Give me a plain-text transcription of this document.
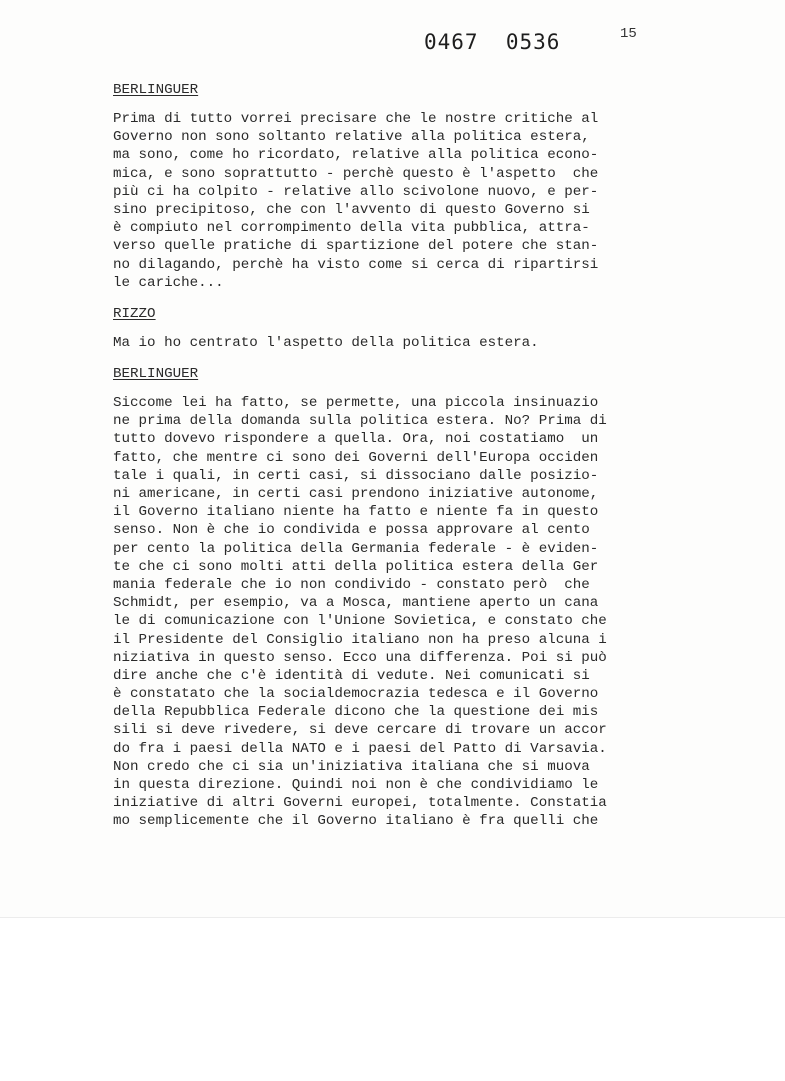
0467  0536	15
BERLINGUER
Prima di tutto vorrei precisare che le nostre critiche al
Governo non sono soltanto relative alla politica estera,
ma sono, come ho ricordato, relative alla politica econo-
mica, e sono soprattutto - perchè questo è l'aspetto  che
più ci ha colpito - relative allo scivolone nuovo, e per-
sino precipitoso, che con l'avvento di questo Governo si
è compiuto nel corrompimento della vita pubblica, attra-
verso quelle pratiche di spartizione del potere che stan-
no dilagando, perchè ha visto come si cerca di ripartirsi
le cariche...
RIZZO
Ma io ho centrato l'aspetto della politica estera.
BERLINGUER
Siccome lei ha fatto, se permette, una piccola insinuazio
ne prima della domanda sulla politica estera. No? Prima di
tutto dovevo rispondere a quella. Ora, noi costatiamo  un
fatto, che mentre ci sono dei Governi dell'Europa occiden
tale i quali, in certi casi, si dissociano dalle posizio-
ni americane, in certi casi prendono iniziative autonome,
il Governo italiano niente ha fatto e niente fa in questo
senso. Non è che io condivida e possa approvare al cento
per cento la politica della Germania federale - è eviden-
te che ci sono molti atti della politica estera della Ger
mania federale che io non condivido - constato però  che
Schmidt, per esempio, va a Mosca, mantiene aperto un cana
le di comunicazione con l'Unione Sovietica, e constato che
il Presidente del Consiglio italiano non ha preso alcuna i
niziativa in questo senso. Ecco una differenza. Poi si può
dire anche che c'è identità di vedute. Nei comunicati si
è constatato che la socialdemocrazia tedesca e il Governo
della Repubblica Federale dicono che la questione dei mis
sili si deve rivedere, si deve cercare di trovare un accor
do fra i paesi della NATO e i paesi del Patto di Varsavia.
Non credo che ci sia un'iniziativa italiana che si muova
in questa direzione. Quindi noi non è che condividiamo le
iniziative di altri Governi europei, totalmente. Constatia
mo semplicemente che il Governo italiano è fra quelli che
